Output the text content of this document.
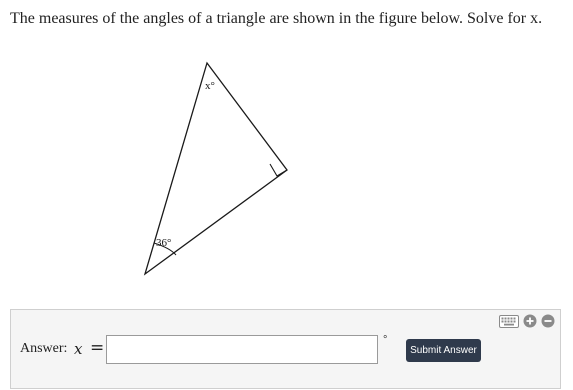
The measures of the angles of a triangle are shown in the figure below. Solve for x.
x°
36°
Answer: 𝑥 =	°
Submit Answer
